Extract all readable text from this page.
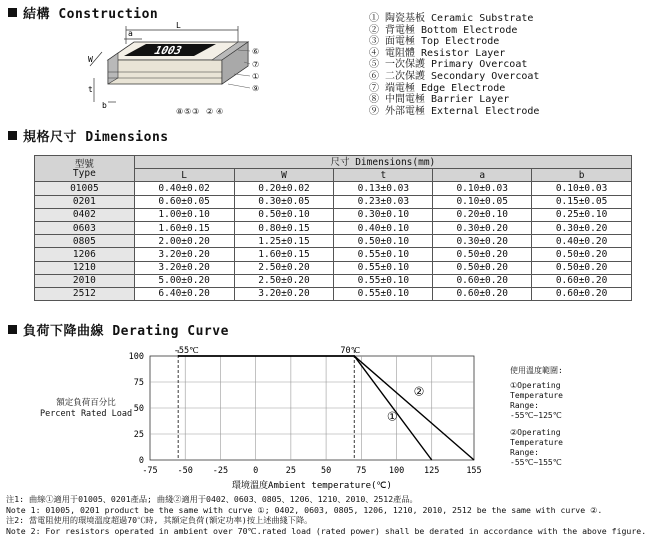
結構 Construction
1003
L
a
W
t
b
⑧ ⑤ ③ ② ④
⑥
⑦
①
⑨
① 陶瓷基板 Ceramic Substrate
② 背電極 Bottom Electrode
③ 面電極 Top Electrode
④ 電阻體 Resistor Layer
⑤ 一次保護 Primary Overcoat
⑥ 二次保護 Secondary Overcoat
⑦ 端電極 Edge Electrode
⑧ 中間電極 Barrier Layer
⑨ 外部電極 External Electrode
規格尺寸 Dimensions
型號
Type	尺寸 Dimensions(mm)				
	L	W	t	a	b
01005	0.40±0.02	0.20±0.02	0.13±0.03	0.10±0.03	0.10±0.03
0201	0.60±0.05	0.30±0.05	0.23±0.03	0.10±0.05	0.15±0.05
0402	1.00±0.10	0.50±0.10	0.30±0.10	0.20±0.10	0.25±0.10
0603	1.60±0.15	0.80±0.15	0.40±0.10	0.30±0.20	0.30±0.20
0805	2.00±0.20	1.25±0.15	0.50±0.10	0.30±0.20	0.40±0.20
1206	3.20±0.20	1.60±0.15	0.55±0.10	0.50±0.20	0.50±0.20
1210	3.20±0.20	2.50±0.20	0.55±0.10	0.50±0.20	0.50±0.20
2010	5.00±0.20	2.50±0.20	0.55±0.10	0.60±0.20	0.60±0.20
2512	6.40±0.20	3.20±0.20	0.55±0.10	0.60±0.20	0.60±0.20
負荷下降曲線 Derating Curve
額定負荷百分比
Percent Rated Load
-75 -50 -25	0	25	50	75	100 125	155
0
25
50
75
100
-55℃	70℃
①
②
環境溫度Ambient temperature(℃)
使用溫度範圍:
①Operating
Temperature
Range:
-55℃~125℃
②Operating
Temperature
Range:
-55℃~155℃
注1: 曲線①適用于01005、0201產品; 曲綫②適用于0402、0603、0805、1206、1210、2010、2512產品。
Note 1: 01005, 0201 product be the same with curve ①; 0402, 0603, 0805, 1206, 1210, 2010, 2512 be the same with curve ②.
注2: 當電阻使用的環境溫度超過70℃時, 其額定負荷(額定功率)按上述曲綫下降。
Note 2: For resistors operated in ambient over 70℃.rated load (rated power) shall be derated in accordance with the above figure.
